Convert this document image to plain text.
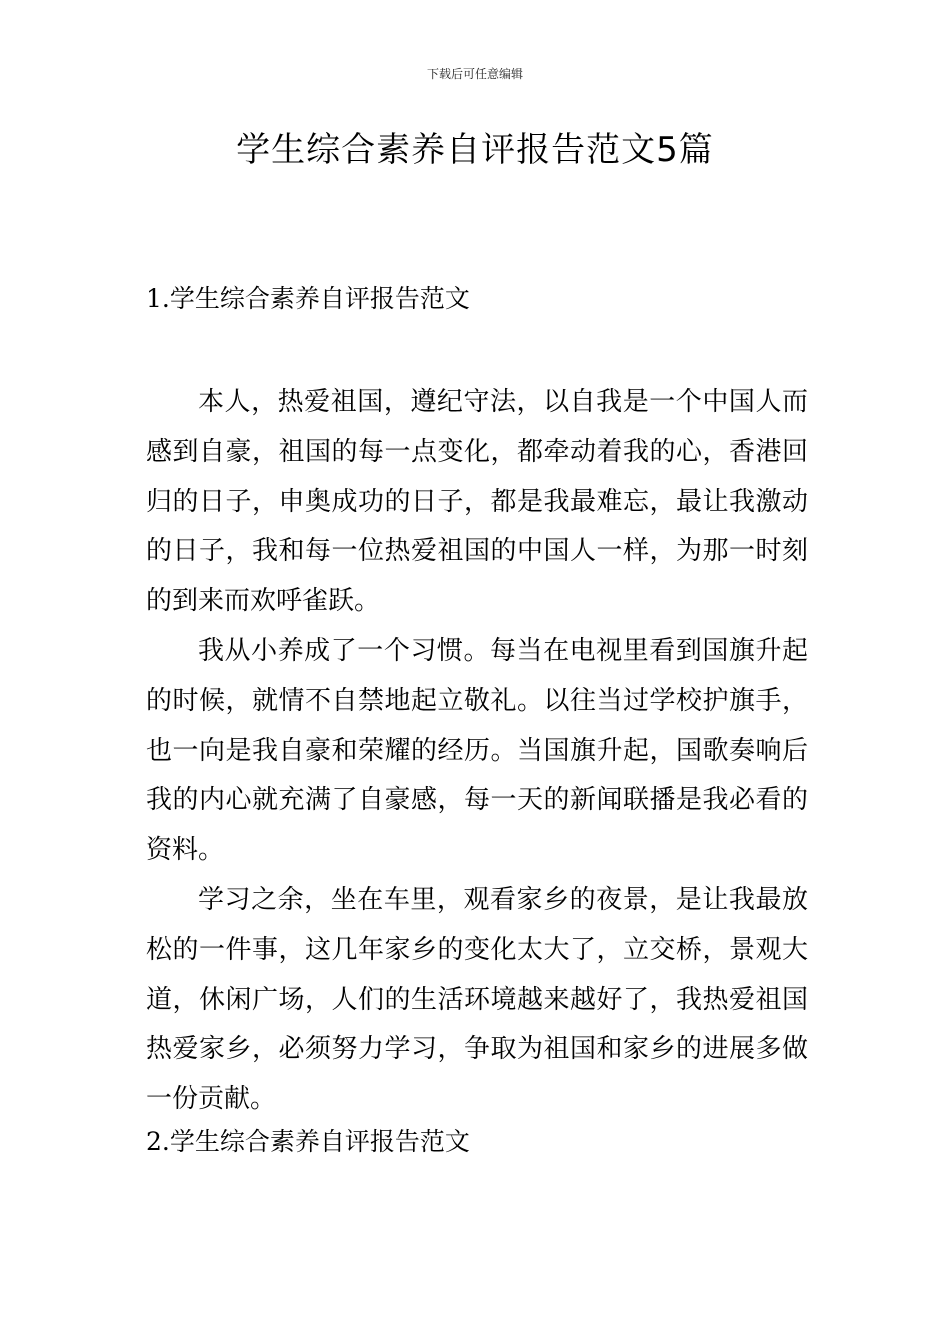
下载后可任意编辑
学生综合素养自评报告范文5篇
1.学生综合素养自评报告范文

本人，热爱祖国，遵纪守法，以自我是一个中国人而感到自豪，祖国的每一点变化，都牵动着我的心，香港回归的日子，申奥成功的日子，都是我最难忘，最让我激动的日子，我和每一位热爱祖国的中国人一样，为那一时刻的到来而欢呼雀跃。

我从小养成了一个习惯。每当在电视里看到国旗升起的时候，就情不自禁地起立敬礼。以往当过学校护旗手，也一向是我自豪和荣耀的经历。当国旗升起，国歌奏响后我的内心就充满了自豪感，每一天的新闻联播是我必看的资料。

学习之余，坐在车里，观看家乡的夜景，是让我最放松的一件事，这几年家乡的变化太大了，立交桥，景观大道，休闲广场，人们的生活环境越来越好了，我热爱祖国热爱家乡，必须努力学习，争取为祖国和家乡的进展多做一份贡献。

2.学生综合素养自评报告范文
